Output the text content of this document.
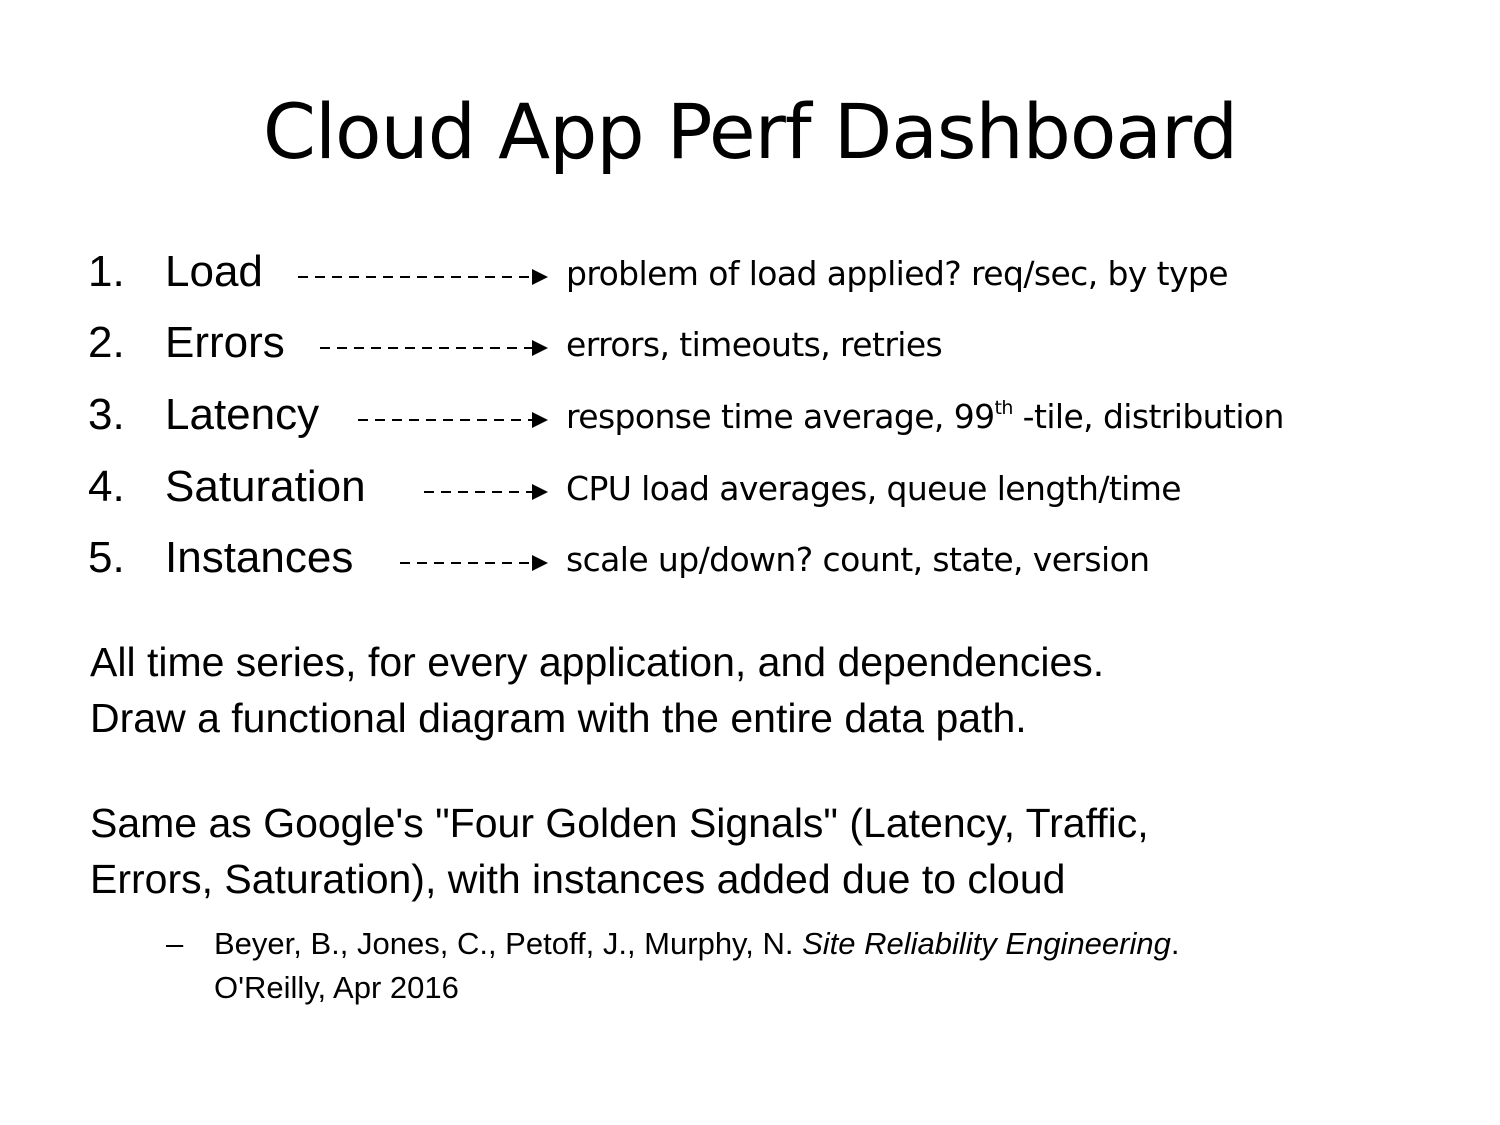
Cloud App Perf Dashboard
1. Load	problem of load applied? req/sec, by type
2. Errors	errors, timeouts, retries
3. Latency	response time average, 99th -tile, distribution
4. Saturation	CPU load averages, queue length/time
5. Instances	scale up/down? count, state, version
All time series, for every application, and dependencies.
Draw a functional diagram with the entire data path.
Same as Google's "Four Golden Signals" (Latency, Traffic,
Errors, Saturation), with instances added due to cloud
– Beyer, B., Jones, C., Petoff, J., Murphy, N. Site Reliability Engineering.
O'Reilly, Apr 2016
